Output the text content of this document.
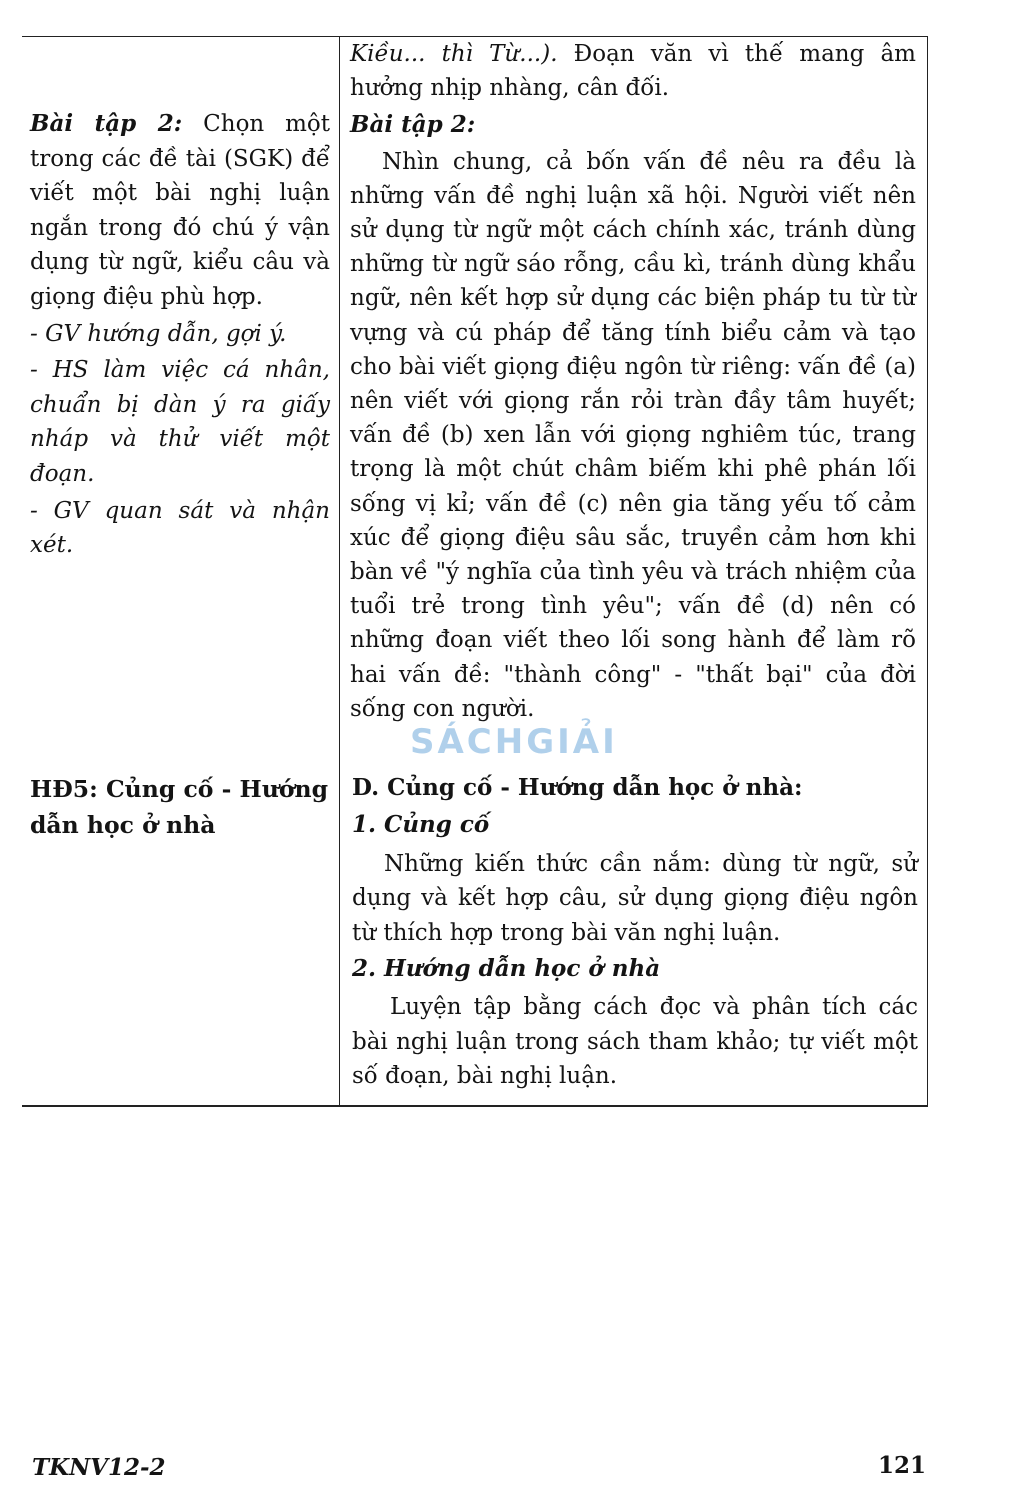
Bài tập 2: Chọn một trong các đề tài (SGK) để viết một bài nghị luận ngắn trong đó chú ý vận dụng từ ngữ, kiểu câu và giọng điệu phù hợp.

- GV hướng dẫn, gợi ý.

- HS làm việc cá nhân, chuẩn bị dàn ý ra giấy nháp và thử viết một đoạn.

- GV quan sát và nhận xét.

Kiều... thì Từ...). Đoạn văn vì thế mang âm hưởng nhịp nhàng, cân đối.

Bài tập 2:

Nhìn chung, cả bốn vấn đề nêu ra đều là những vấn đề nghị luận xã hội. Người viết nên sử dụng từ ngữ một cách chính xác, tránh dùng những từ ngữ sáo rỗng, cầu kì, tránh dùng khẩu ngữ, nên kết hợp sử dụng các biện pháp tu từ từ vựng và cú pháp để tăng tính biểu cảm và tạo cho bài viết giọng điệu ngôn từ riêng: vấn đề (a) nên viết với giọng rắn rỏi tràn đầy tâm huyết; vấn đề (b) xen lẫn với giọng nghiêm túc, trang trọng là một chút châm biếm khi phê phán lối sống vị kỉ; vấn đề (c) nên gia tăng yếu tố cảm xúc để giọng điệu sâu sắc, truyền cảm hơn khi bàn về "ý nghĩa của tình yêu và trách nhiệm của tuổi trẻ trong tình yêu"; vấn đề (d) nên có những đoạn viết theo lối song hành để làm rõ hai vấn đề: "thành công" - "thất bại" của đời sống con người.

HĐ5: Củng cố - Hướng dẫn học ở nhà

D. Củng cố - Hướng dẫn học ở nhà:

1. Củng cố

Những kiến thức cần nắm: dùng từ ngữ, sử dụng và kết hợp câu, sử dụng giọng điệu ngôn từ thích hợp trong bài văn nghị luận.

2. Hướng dẫn học ở nhà

Luyện tập bằng cách đọc và phân tích các bài nghị luận trong sách tham khảo; tự viết một số đoạn, bài nghị luận.

SÁCHGIẢI
TKNV12-2	121
